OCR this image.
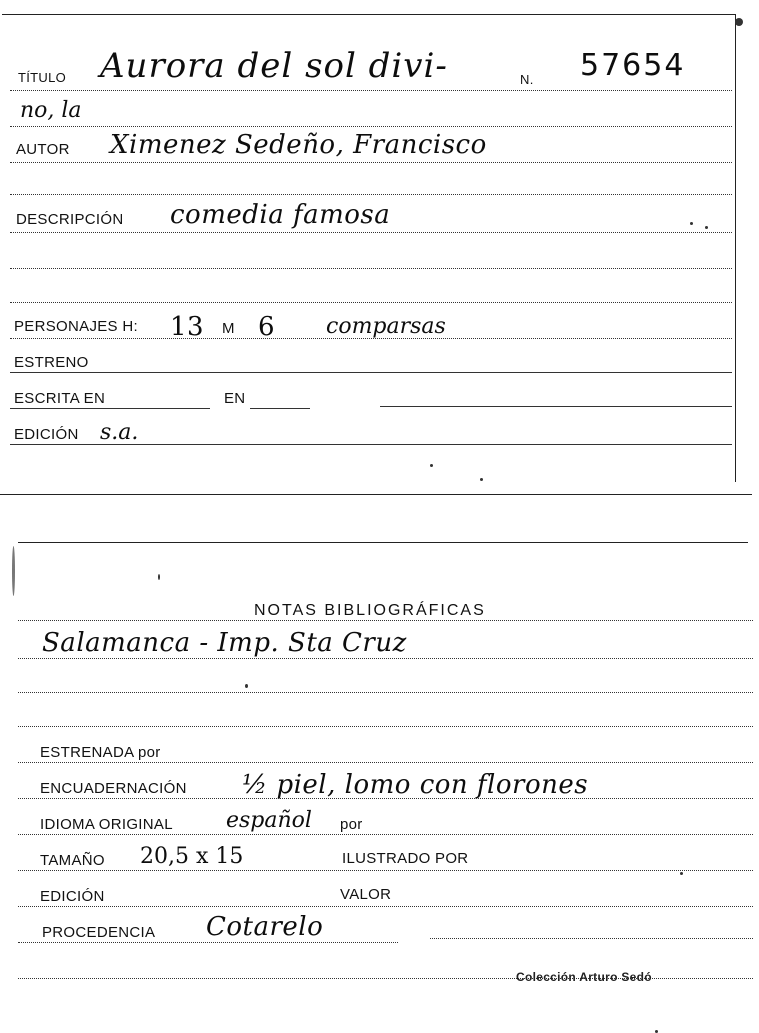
TÍTULO Aurora del sol divi-	N. 57654
no, la
AUTOR Ximenez Sedeño, Francisco
DESCRIPCIÓN comedia famosa
PERSONAJES H: 13 M 6 comparsas
ESTRENO
ESCRITA EN	EN
EDICIÓN s.a.
NOTAS BIBLIOGRÁFICAS
Salamanca - Imp. Sta Cruz
ESTRENADA por
ENCUADERNACIÓN ½ piel, lomo con florones
IDIOMA ORIGINAL español por
TAMAÑO 20,5 x 15	ILUSTRADO POR
EDICIÓN	VALOR
PROCEDENCIA Cotarelo
Colección Arturo Sedó
